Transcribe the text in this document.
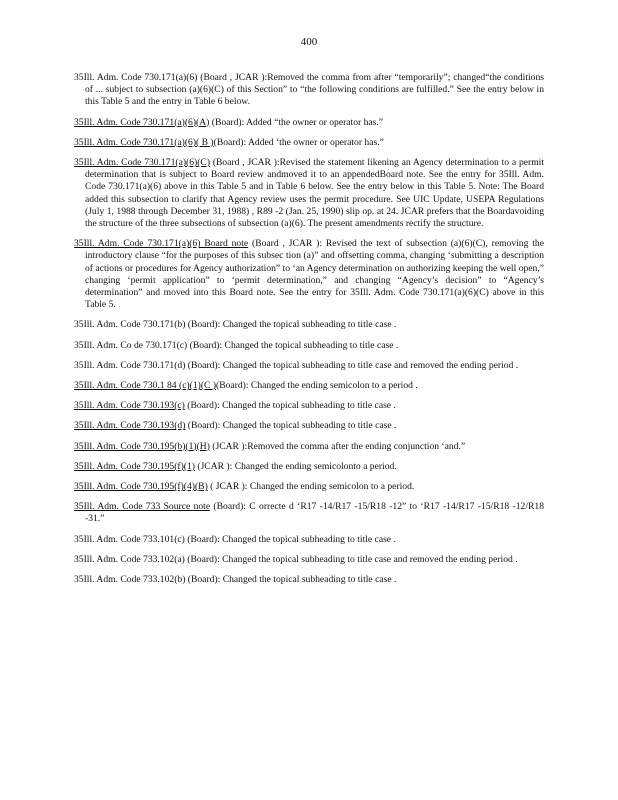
400

35Ill. Adm. Code 730.171(a)(6) (Board , JCAR ):Removed the comma from after “temporarily”; changed“the conditions of ... subject to subsection (a)(6)(C) of this Section” to “the following conditions are fulfilled.” See the entry below in this Table 5 and the entry in Table 6 below.

35Ill. Adm. Code 730.171(a)(6)(A) (Board): Added “the owner or operator has.”

35Ill. Adm. Code 730.171(a)(6)( B )(Board): Added ‘the owner or operator has.”

35Ill. Adm. Code 730.171(a)(6)(C) (Board , JCAR ):Revised the statement likening an Agency determination to a permit determination that is subject to Board review andmoved it to an appendedBoard note. See the entry for 35Ill. Adm. Code 730.171(a)(6) above in this Table 5 and in Table 6 below. See the entry below in this Table 5. Note: The Board added this subsection to clarify that Agency review uses the permit procedure. See UIC Update, USEPA Regulations (July 1, 1988 through December 31, 1988) , R89 -2 (Jan. 25, 1990) slip op. at 24. JCAR prefers that the Boardavoiding the structure of the three subsections of subsection (a)(6). The present amendments rectify the structure.

35Ill. Adm. Code 730.171(a)(6) Board note (Board , JCAR ): Revised the text of subsection (a)(6)(C), removing the introductory clause “for the purposes of this subsec tion (a)” and offsetting comma, changing ‘submitting a description of actions or procedures for Agency authorization” to ‘an Agency determination on authorizing keeping the well open,” changing ‘permit application” to ‘permit determination,” and changing “Agency’s decision” to “Agency’s determination” and moved into this Board note. See the entry for 35Ill. Adm. Code 730.171(a)(6)(C) above in this Table 5.

35Ill. Adm. Code 730.171(b) (Board): Changed the topical subheading to title case .

35Ill. Adm. Co de 730.171(c) (Board): Changed the topical subheading to title case .

35Ill. Adm. Code 730.171(d) (Board): Changed the topical subheading to title case and removed the ending period .

35Ill. Adm. Code 730.1 84 (c)(1)(C )(Board): Changed the ending semicolon to a period .

35Ill. Adm. Code 730.193(c) (Board): Changed the topical subheading to title case .

35Ill. Adm. Code 730.193(d) (Board): Changed the topical subheading to title case .

35Ill. Adm. Code 730.195(b)(1)(H) (JCAR ):Removed the comma after the ending conjunction ‘and.”

35Ill. Adm. Code 730.195(f)(1) (JCAR ): Changed the ending semicolonto a period.

35Ill. Adm. Code 730.195(f)(4)(B) ( JCAR ): Changed the ending semicolon to a period.

35Ill. Adm. Code 733 Source note (Board): C orrecte d ‘R17 -14/R17 -15/R18 -12” to ‘R17 -14/R17 -15/R18 -12/R18 -31.”

35Ill. Adm. Code 733.101(c) (Board): Changed the topical subheading to title case .

35Ill. Adm. Code 733.102(a) (Board): Changed the topical subheading to title case and removed the ending period .

35Ill. Adm. Code 733.102(b) (Board): Changed the topical subheading to title case .
